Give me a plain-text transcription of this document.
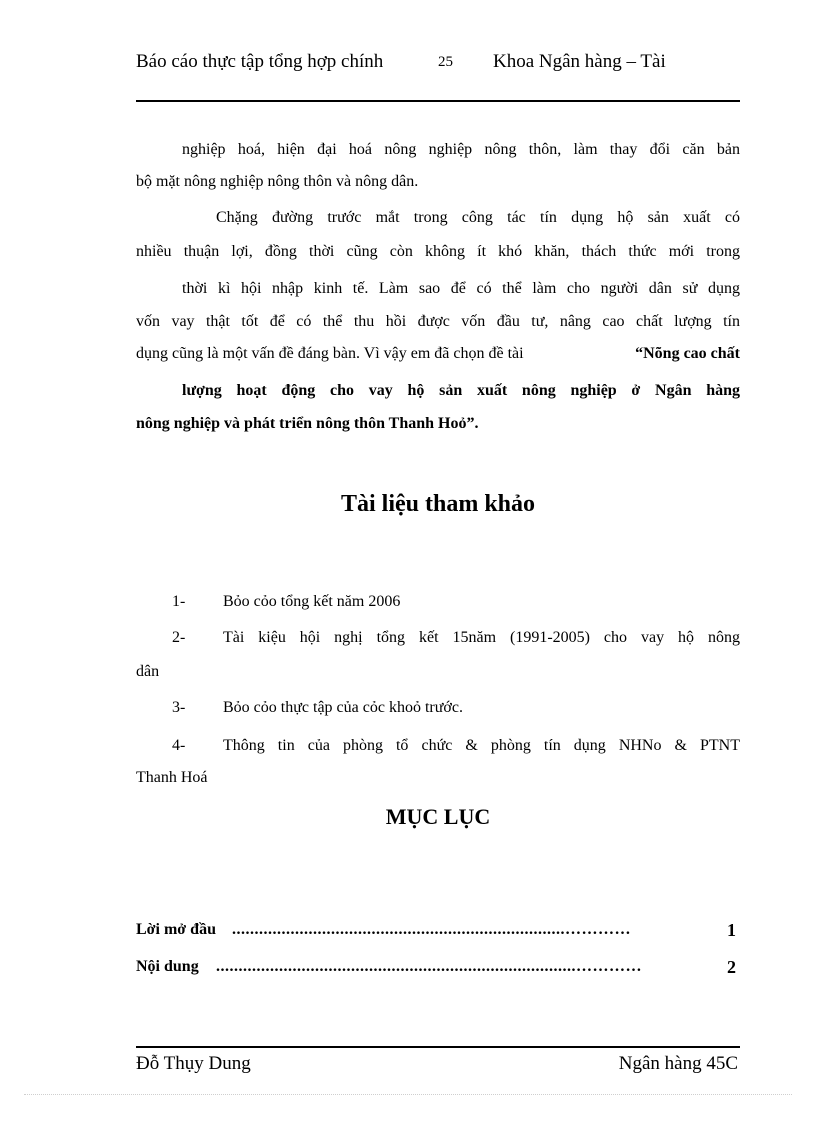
Báo cáo thực tập tổng hợp chính	25 Khoa Ngân hàng – Tài
nghiệp hoá, hiện đại hoá nông nghiệp nông thôn, làm thay đổi căn bản
bộ mặt nông nghiệp nông thôn và nông dân.
Chặng đường trước mắt trong công tác tín dụng hộ sản xuất có
nhiều thuận lợi, đồng thời cũng còn không ít khó khăn, thách thức mới trong
thời kì hội nhập kinh tế. Làm sao để có thể làm cho người dân sử dụng
vốn vay thật tốt để có thể thu hồi được vốn đầu tư, nâng cao chất lượng tín
dụng cũng là một vấn đề đáng bàn. Vì vậy em đã chọn đề tài	“Nõng cao chất
lượng hoạt động cho vay hộ sản xuất nông nghiệp ở Ngân hàng
nông nghiệp và phát triển nông thôn Thanh Hoỏ”.
Tài liệu tham khảo
1- Bỏo cỏo tổng kết năm 2006
2- Tài kiệu hội nghị tổng kết 15năm (1991-2005) cho vay hộ nông
dân
3- Bỏo cỏo thực tập của cỏc khoỏ trước.
4- Thông tin của phòng tổ chức & phòng tín dụng NHNo & PTNT
Thanh Hoá
MỤC LỤC
Lời mở đầu ..........................................................................…………	1
Nội dung ................................................................................…………	2
Đỗ Thụy Dung	Ngân hàng 45C
